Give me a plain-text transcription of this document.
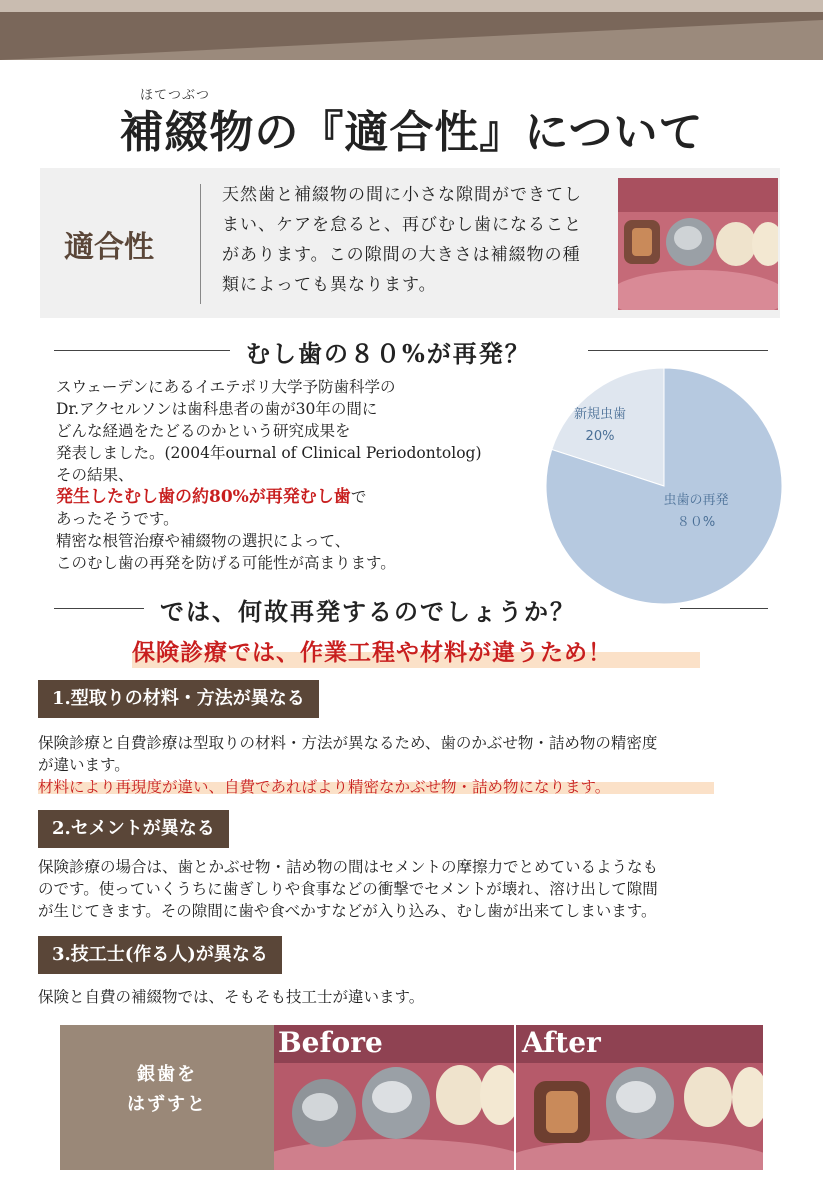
ほてつぶつ
補綴物の『適合性』について
適合性
天然歯と補綴物の間に小さな隙間ができてし
まい、ケアを怠ると、再びむし歯になること
があります。この隙間の大きさは補綴物の種
類によっても異なります。
むし歯の８０%が再発？
スウェーデンにあるイエテボリ大学予防歯科学の
Dr.アクセルソンは歯科患者の歯が30年の間に
どんな経過をたどるのかという研究成果を
発表しました。(2004年ournal of Clinical Periodontolog)
その結果、
発生したむし歯の約80%が再発むし歯で
あったそうです。
精密な根管治療や補綴物の選択によって、
このむし歯の再発を防げる可能性が高まります。
新規虫歯
20%
虫歯の再発
８０%
では、何故再発するのでしょうか？
保険診療では、作業工程や材料が違うため！
1.型取りの材料・方法が異なる
保険診療と自費診療は型取りの材料・方法が異なるため、歯のかぶせ物・詰め物の精密度
が違います。
材料により再現度が違い、自費であればより精密なかぶせ物・詰め物になります。
2.セメントが異なる
保険診療の場合は、歯とかぶせ物・詰め物の間はセメントの摩擦力でとめているようなも
のです。使っていくうちに歯ぎしりや食事などの衝撃でセメントが壊れ、溶け出して隙間
が生じてきます。その隙間に歯や食べかすなどが入り込み、むし歯が出来てしまいます。
3.技工士(作る人)が異なる
保険と自費の補綴物では、そもそも技工士が違います。
銀歯を
はずすと
Before	After
